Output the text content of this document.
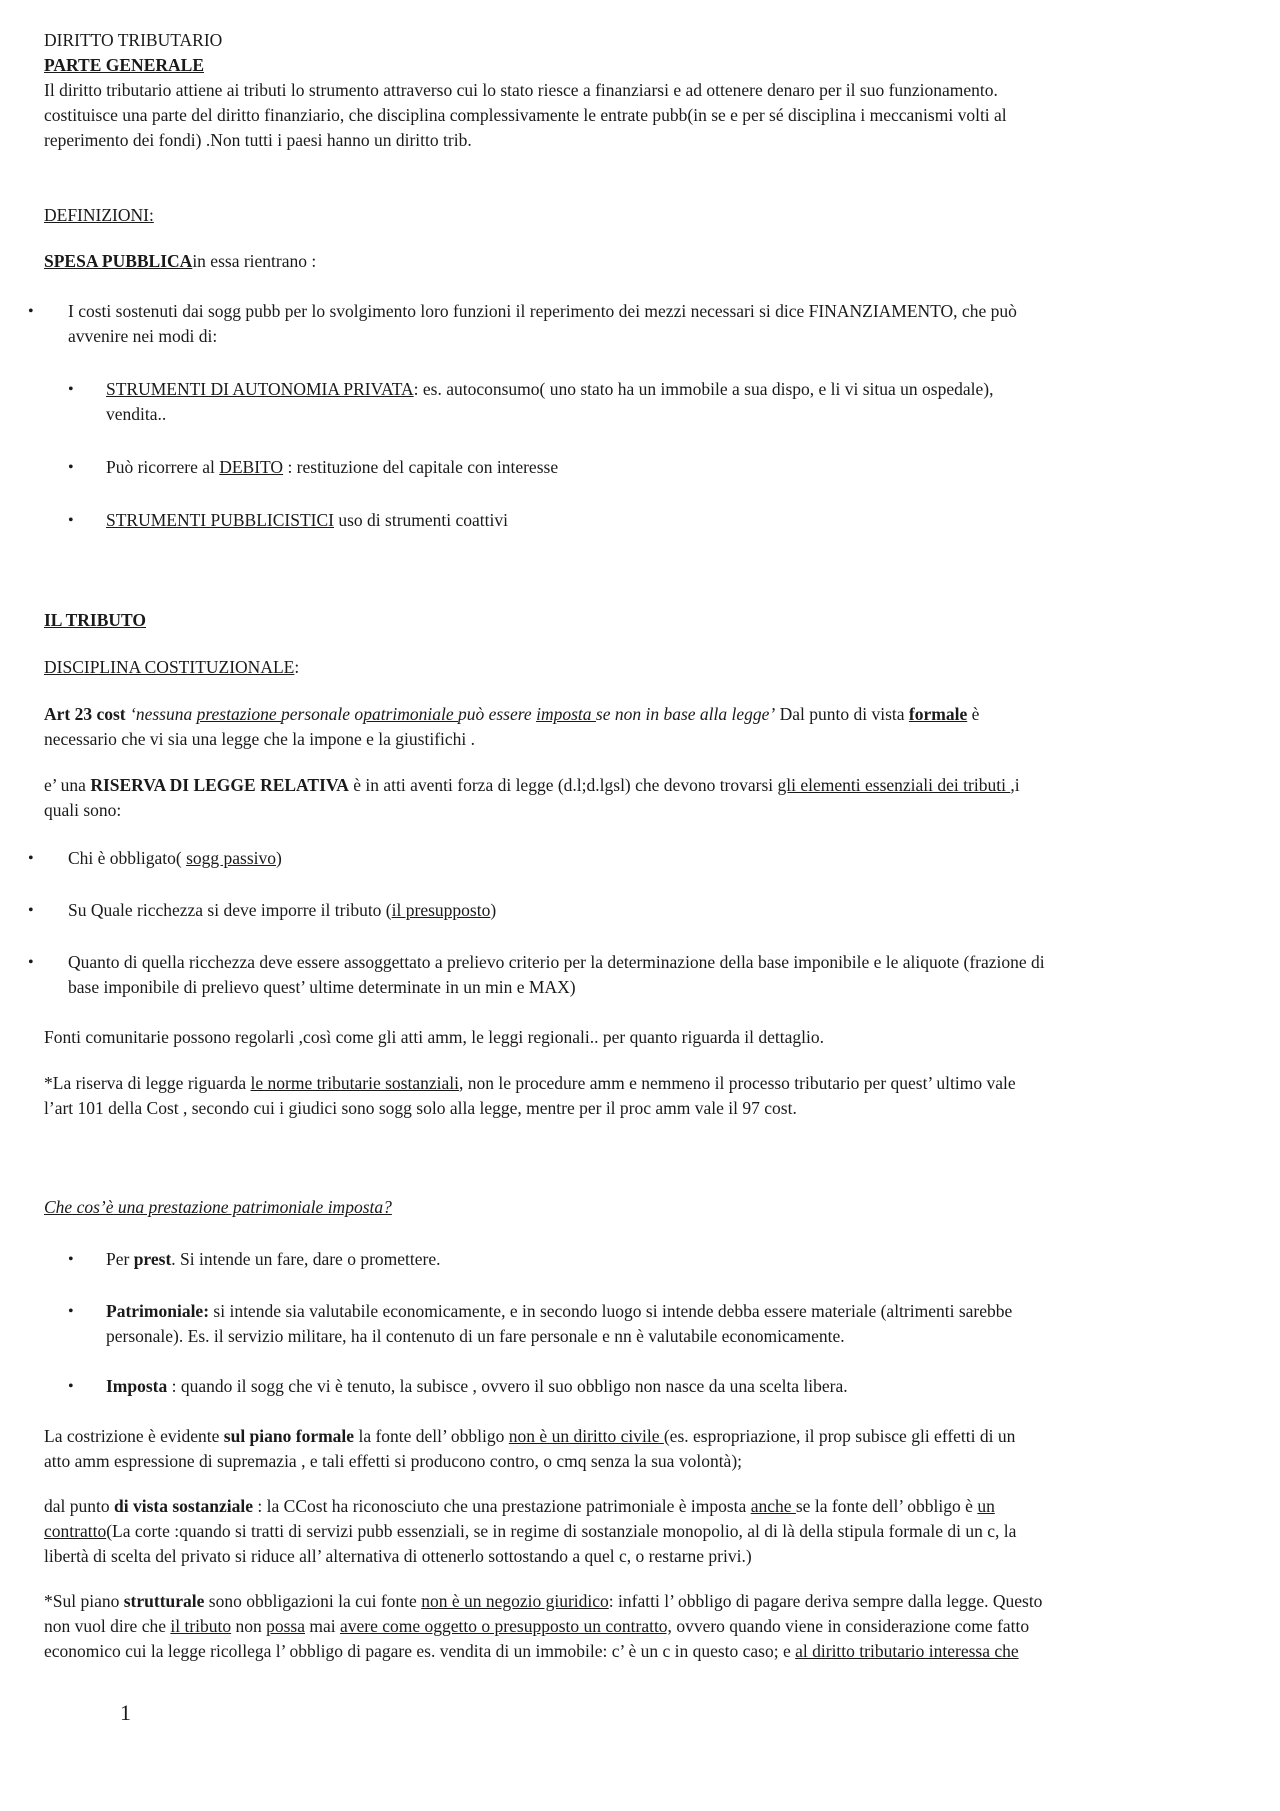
DIRITTO TRIBUTARIO

PARTE GENERALE

Il diritto tributario attiene ai tributi lo strumento attraverso cui lo stato riesce a finanziarsi e ad ottenere denaro per il suo funzionamento.

costituisce una parte del diritto finanziario, che disciplina complessivamente le entrate pubb(in se e per sé disciplina i meccanismi volti al

reperimento dei fondi) .Non tutti i paesi hanno un diritto trib.

DEFINIZIONI:

SPESA PUBBLICAin essa rientrano :

• I costi sostenuti dai sogg pubb per lo svolgimento loro funzioni il reperimento dei mezzi necessari si dice FINANZIAMENTO, che può

avvenire nei modi di:

• STRUMENTI DI AUTONOMIA PRIVATA: es. autoconsumo( uno stato ha un immobile a sua dispo, e li vi situa un ospedale),

vendita..

• Può ricorrere al DEBITO : restituzione del capitale con interesse

• STRUMENTI PUBBLICISTICI uso di strumenti coattivi

IL TRIBUTO

DISCIPLINA COSTITUZIONALE:

Art 23 cost ‘nessuna prestazione personale opatrimoniale può essere imposta se non in base alla legge’ Dal punto di vista formale è

necessario che vi sia una legge che la impone e la giustifichi .

e’ una RISERVA DI LEGGE RELATIVA è in atti aventi forza di legge (d.l;d.lgsl) che devono trovarsi gli elementi essenziali dei tributi ,i

quali sono:

• Chi è obbligato( sogg passivo)

• Su Quale ricchezza si deve imporre il tributo (il presupposto)

• Quanto di quella ricchezza deve essere assoggettato a prelievo criterio per la determinazione della base imponibile e le aliquote (frazione di

base imponibile di prelievo quest’ ultime determinate in un min e MAX)

Fonti comunitarie possono regolarli ,così come gli atti amm, le leggi regionali.. per quanto riguarda il dettaglio.

*La riserva di legge riguarda le norme tributarie sostanziali, non le procedure amm e nemmeno il processo tributario per quest’ ultimo vale

l’art 101 della Cost , secondo cui i giudici sono sogg solo alla legge, mentre per il proc amm vale il 97 cost.

Che cos’è una prestazione patrimoniale imposta?

• Per prest. Si intende un fare, dare o promettere.

• Patrimoniale: si intende sia valutabile economicamente, e in secondo luogo si intende debba essere materiale (altrimenti sarebbe

personale). Es. il servizio militare, ha il contenuto di un fare personale e nn è valutabile economicamente.

• Imposta : quando il sogg che vi è tenuto, la subisce , ovvero il suo obbligo non nasce da una scelta libera.

La costrizione è evidente sul piano formale la fonte dell’ obbligo non è un diritto civile (es. espropriazione, il prop subisce gli effetti di un

atto amm espressione di supremazia , e tali effetti si producono contro, o cmq senza la sua volontà);

dal punto di vista sostanziale : la CCost ha riconosciuto che una prestazione patrimoniale è imposta anche se la fonte dell’ obbligo è un

contratto(La corte :quando si tratti di servizi pubb essenziali, se in regime di sostanziale monopolio, al di là della stipula formale di un c, la

libertà di scelta del privato si riduce all’ alternativa di ottenerlo sottostando a quel c, o restarne privi.)

*Sul piano strutturale sono obbligazioni la cui fonte non è un negozio giuridico: infatti l’ obbligo di pagare deriva sempre dalla legge. Questo

non vuol dire che il tributo non possa mai avere come oggetto o presupposto un contratto, ovvero quando viene in considerazione come fatto

economico cui la legge ricollega l’ obbligo di pagare es. vendita di un immobile: c’ è un c in questo caso; e al diritto tributario interessa che

1
